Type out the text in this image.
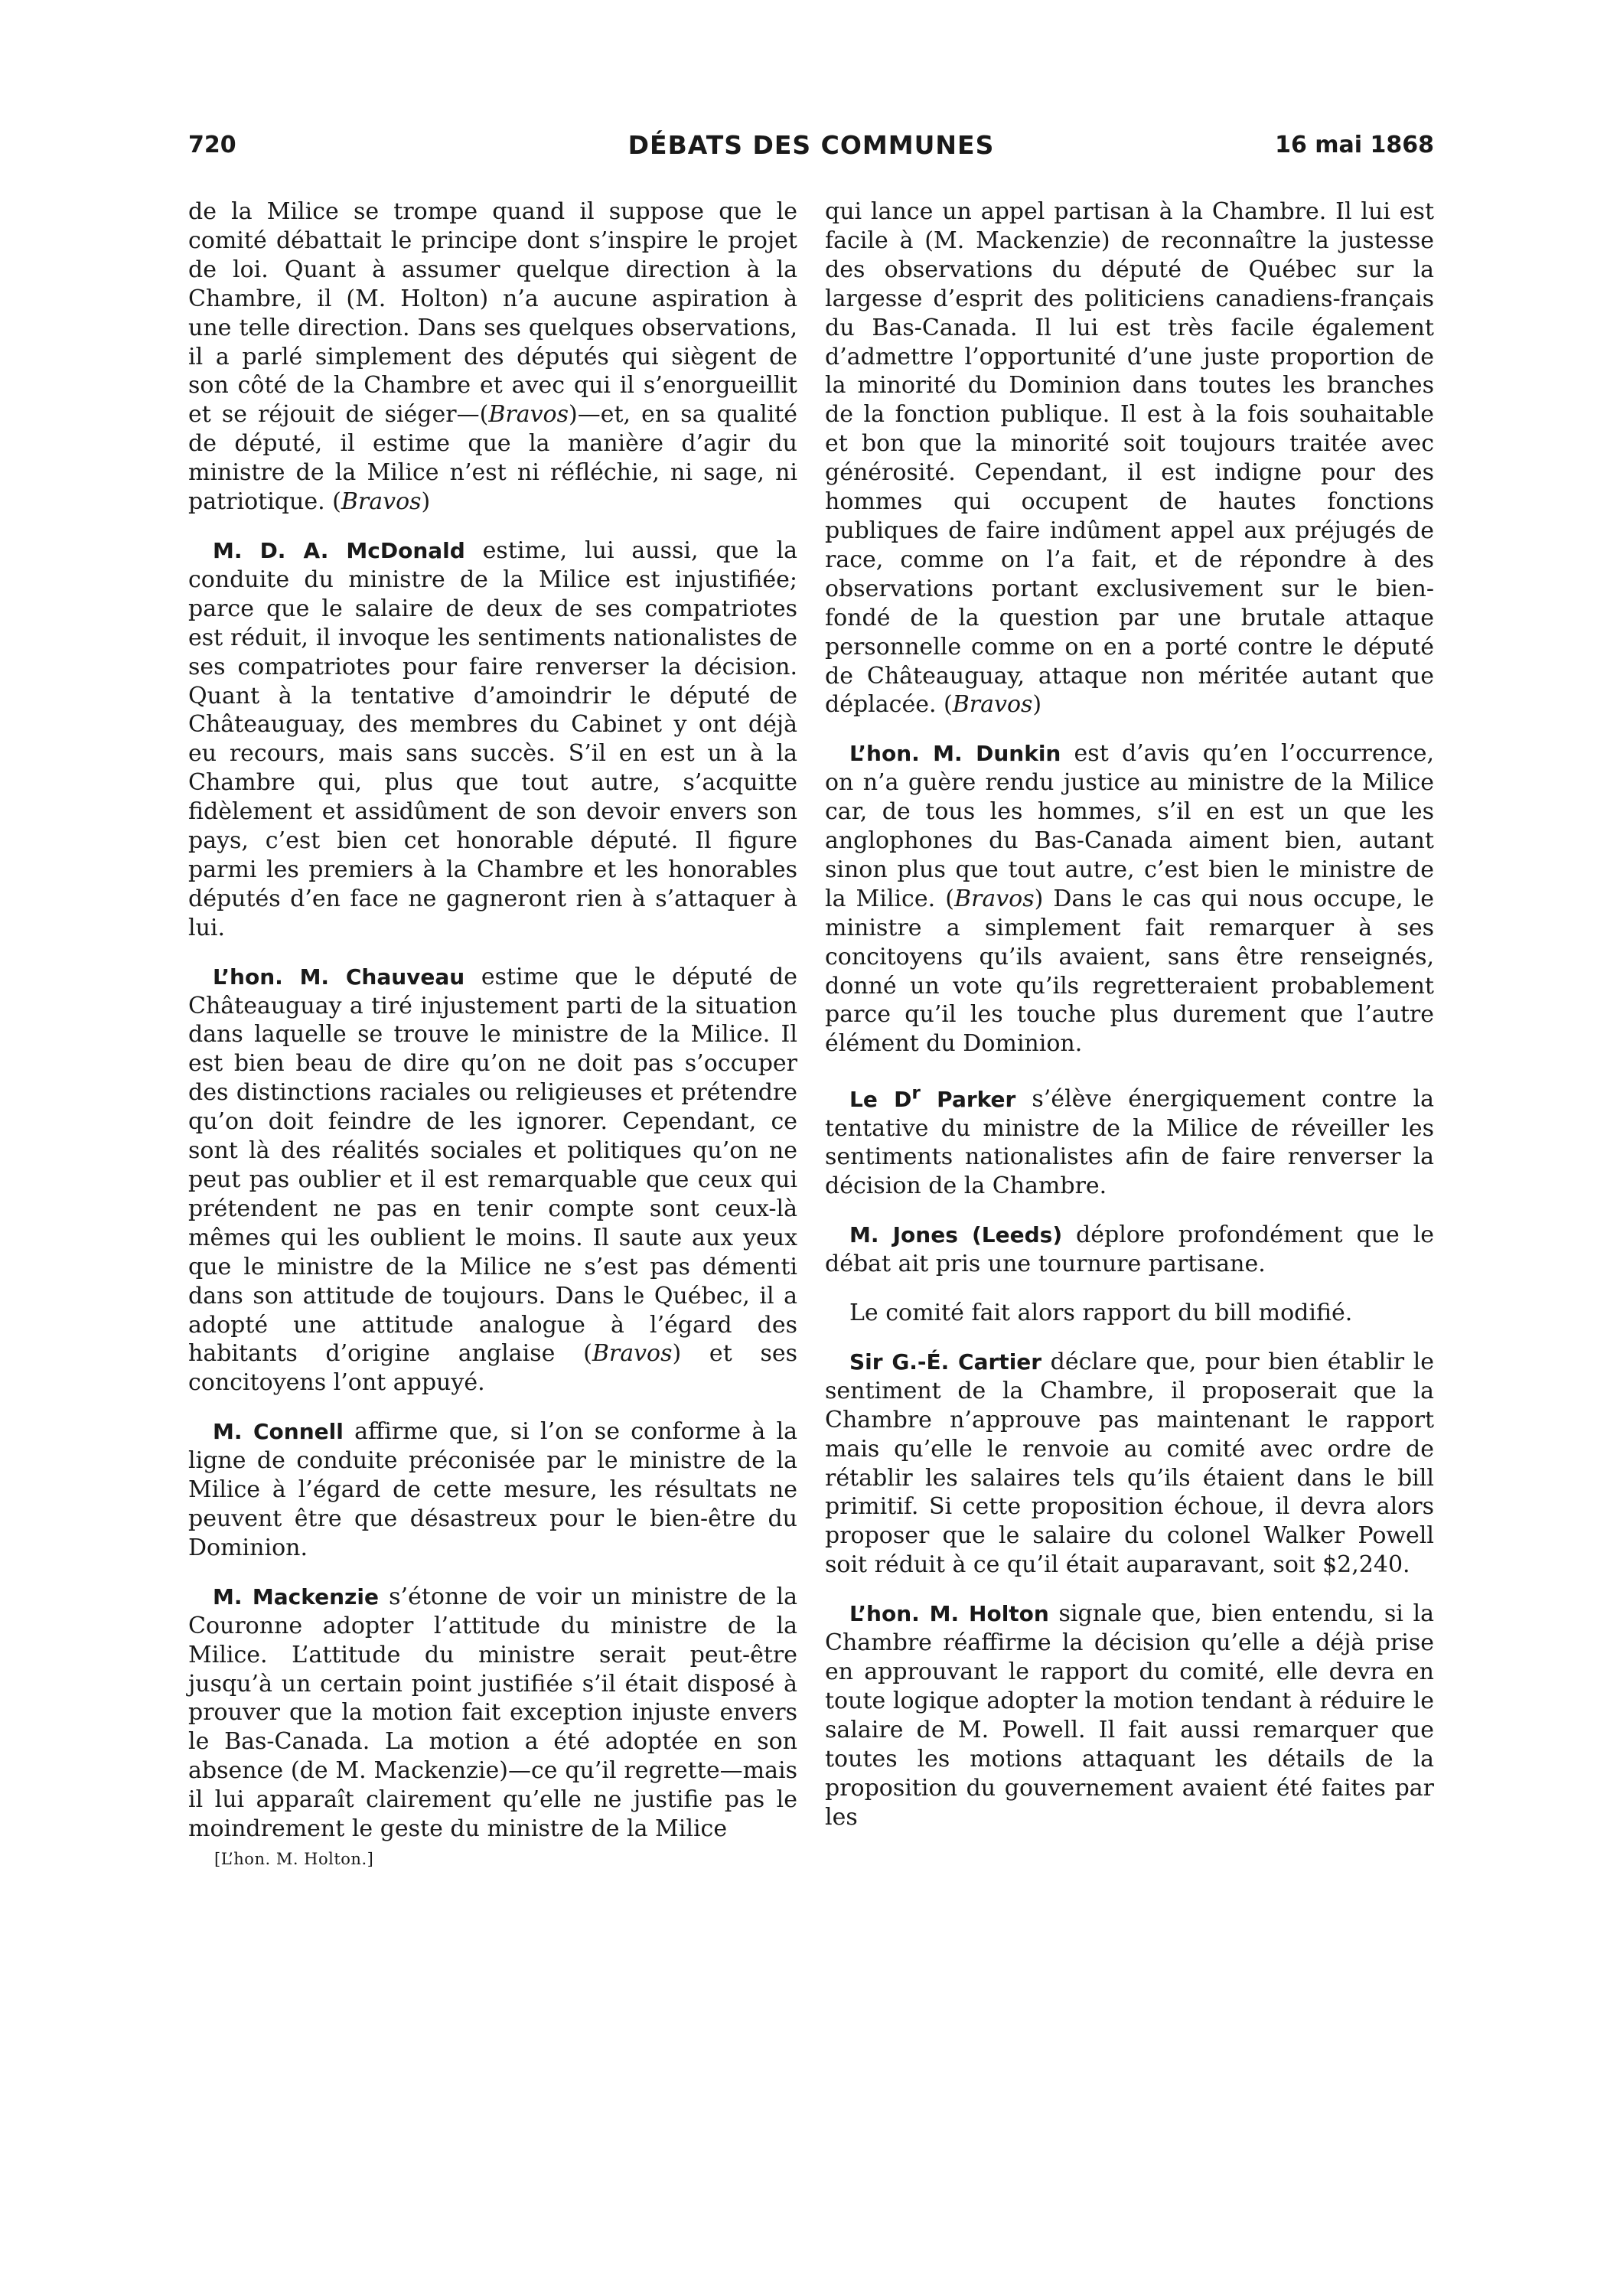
720	DÉBATS DES COMMUNES	16 mai 1868

de la Milice se trompe quand il suppose que le comité débattait le principe dont s’inspire le projet de loi. Quant à assumer quelque direction à la Chambre, il (M. Holton) n’a aucune aspiration à une telle direction. Dans ses quelques observations, il a parlé simplement des députés qui siègent de son côté de la Chambre et avec qui il s’enorgueillit et se réjouit de siéger—(Bravos)—et, en sa qualité de député, il estime que la manière d’agir du ministre de la Milice n’est ni réfléchie, ni sage, ni patriotique. (Bravos)

M. D. A. McDonald estime, lui aussi, que la conduite du ministre de la Milice est injustifiée; parce que le salaire de deux de ses compatriotes est réduit, il invoque les sentiments nationalistes de ses compatriotes pour faire renverser la décision. Quant à la tentative d’amoindrir le député de Châteauguay, des membres du Cabinet y ont déjà eu recours, mais sans succès. S’il en est un à la Chambre qui, plus que tout autre, s’acquitte fidèlement et assidûment de son devoir envers son pays, c’est bien cet honorable député. Il figure parmi les premiers à la Chambre et les honorables députés d’en face ne gagneront rien à s’attaquer à lui.

L’hon. M. Chauveau estime que le député de Châteauguay a tiré injustement parti de la situation dans laquelle se trouve le ministre de la Milice. Il est bien beau de dire qu’on ne doit pas s’occuper des distinctions raciales ou religieuses et prétendre qu’on doit feindre de les ignorer. Cependant, ce sont là des réalités sociales et politiques qu’on ne peut pas oublier et il est remarquable que ceux qui prétendent ne pas en tenir compte sont ceux-là mêmes qui les oublient le moins. Il saute aux yeux que le ministre de la Milice ne s’est pas démenti dans son attitude de toujours. Dans le Québec, il a adopté une attitude analogue à l’égard des habitants d’origine anglaise (Bravos) et ses concitoyens l’ont appuyé.

M. Connell affirme que, si l’on se conforme à la ligne de conduite préconisée par le ministre de la Milice à l’égard de cette mesure, les résultats ne peuvent être que désastreux pour le bien-être du Dominion.

M. Mackenzie s’étonne de voir un ministre de la Couronne adopter l’attitude du ministre de la Milice. L’attitude du ministre serait peut-être jusqu’à un certain point justifiée s’il était disposé à prouver que la motion fait exception injuste envers le Bas-Canada. La motion a été adoptée en son absence (de M. Mackenzie)—ce qu’il regrette—mais il lui apparaît clairement qu’elle ne justifie pas le moindrement le geste du ministre de la Milice

[L’hon. M. Holton.]

qui lance un appel partisan à la Chambre. Il lui est facile à (M. Mackenzie) de reconnaître la justesse des observations du député de Québec sur la largesse d’esprit des politiciens canadiens-français du Bas-Canada. Il lui est très facile également d’admettre l’opportunité d’une juste proportion de la minorité du Dominion dans toutes les branches de la fonction publique. Il est à la fois souhaitable et bon que la minorité soit toujours traitée avec générosité. Cependant, il est indigne pour des hommes qui occupent de hautes fonctions publiques de faire indûment appel aux préjugés de race, comme on l’a fait, et de répondre à des observations portant exclusivement sur le bien-fondé de la question par une brutale attaque personnelle comme on en a porté contre le député de Châteauguay, attaque non méritée autant que déplacée. (Bravos)

L’hon. M. Dunkin est d’avis qu’en l’occurrence, on n’a guère rendu justice au ministre de la Milice car, de tous les hommes, s’il en est un que les anglophones du Bas-Canada aiment bien, autant sinon plus que tout autre, c’est bien le ministre de la Milice. (Bravos) Dans le cas qui nous occupe, le ministre a simplement fait remarquer à ses concitoyens qu’ils avaient, sans être renseignés, donné un vote qu’ils regretteraient probablement parce qu’il les touche plus durement que l’autre élément du Dominion.

Le $D^r$ Parker s’élève énergiquement contre la tentative du ministre de la Milice de réveiller les sentiments nationalistes afin de faire renverser la décision de la Chambre.

M. Jones (Leeds) déplore profondément que le débat ait pris une tournure partisane.

Le comité fait alors rapport du bill modifié.

Sir G.-É. Cartier déclare que, pour bien établir le sentiment de la Chambre, il proposerait que la Chambre n’approuve pas maintenant le rapport mais qu’elle le renvoie au comité avec ordre de rétablir les salaires tels qu’ils étaient dans le bill primitif. Si cette proposition échoue, il devra alors proposer que le salaire du colonel Walker Powell soit réduit à ce qu’il était auparavant, soit $2,240.

L’hon. M. Holton signale que, bien entendu, si la Chambre réaffirme la décision qu’elle a déjà prise en approuvant le rapport du comité, elle devra en toute logique adopter la motion tendant à réduire le salaire de M. Powell. Il fait aussi remarquer que toutes les motions attaquant les détails de la proposition du gouvernement avaient été faites par les
